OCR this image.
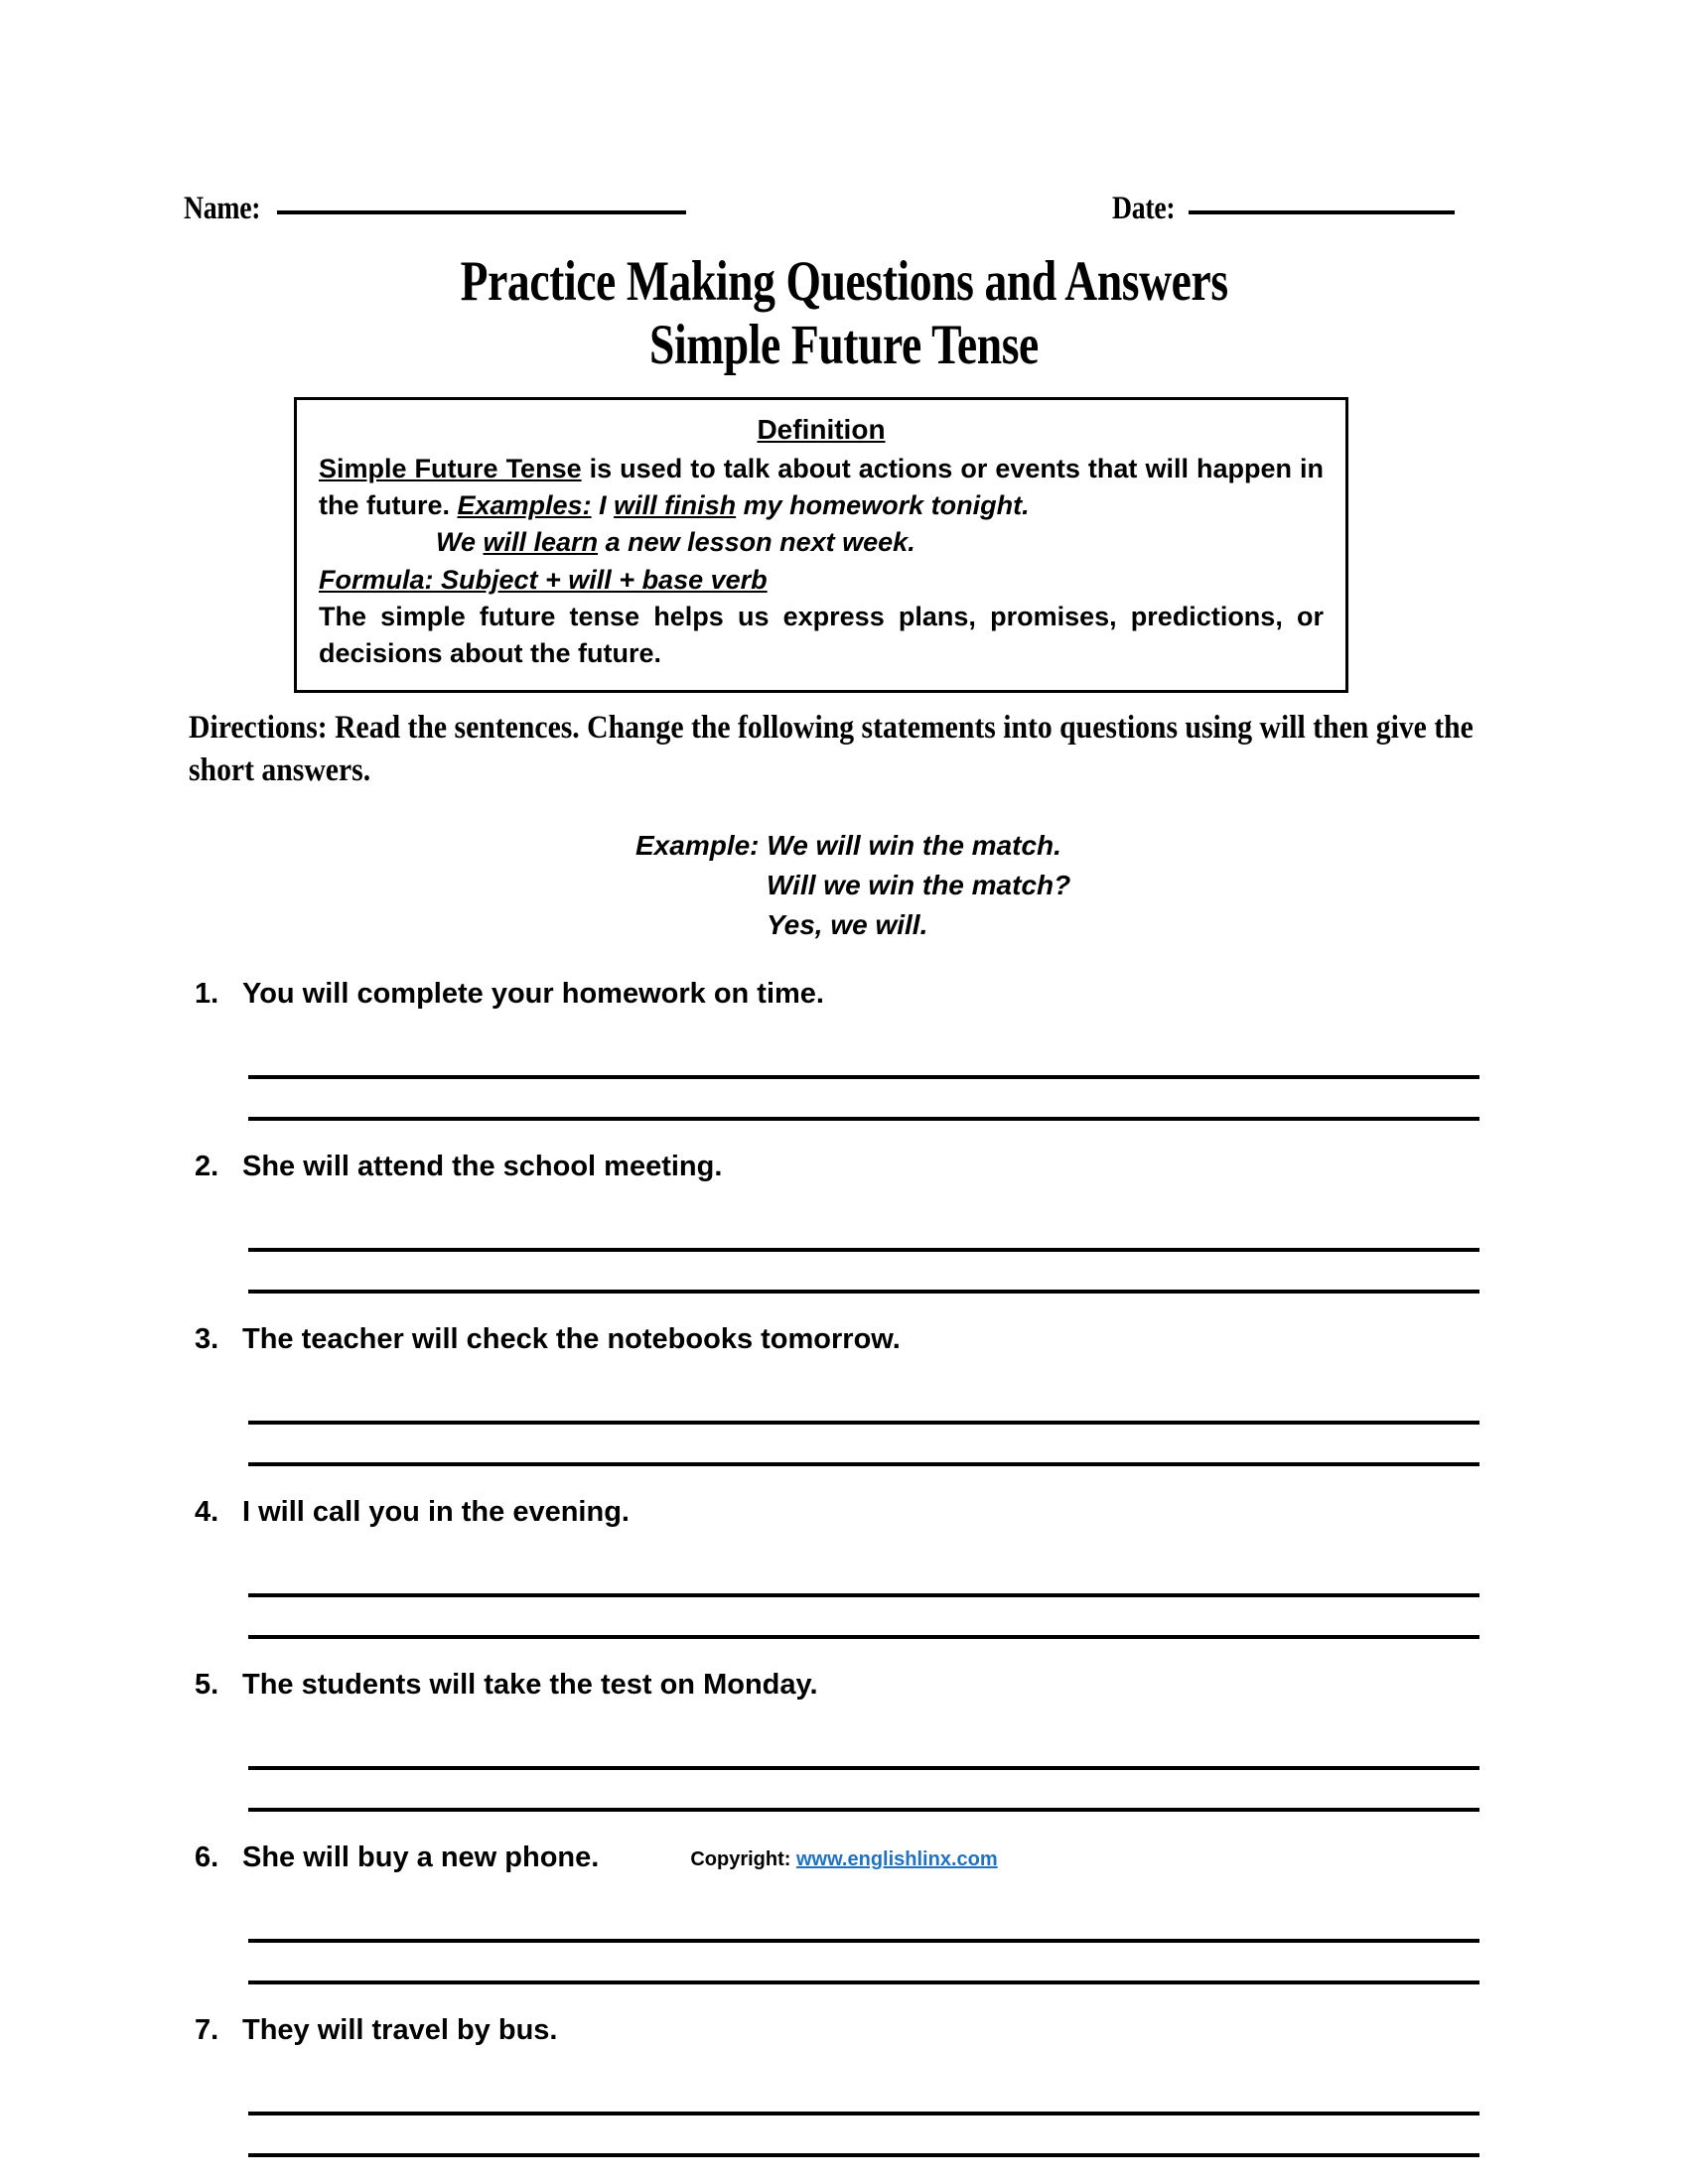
Name:	Date:
Practice Making Questions and Answers
Simple Future Tense
Definition

Simple Future Tense is used to talk about actions or events that will happen in the future. Examples: I will finish my homework tonight.

We will learn a new lesson next week.

Formula: Subject + will + base verb

The simple future tense helps us express plans, promises, predictions, or decisions about the future.

Directions: Read the sentences. Change the following statements into questions using will then give the short answers.
Example: We will win the match.
Will we win the match?
Yes, we will.
1. You will complete your homework on time.
2. She will attend the school meeting.
3. The teacher will check the notebooks tomorrow.
4. I will call you in the evening.
5. The students will take the test on Monday.
6. She will buy a new phone.
7. They will travel by bus.
Copyright: www.englishlinx.com
